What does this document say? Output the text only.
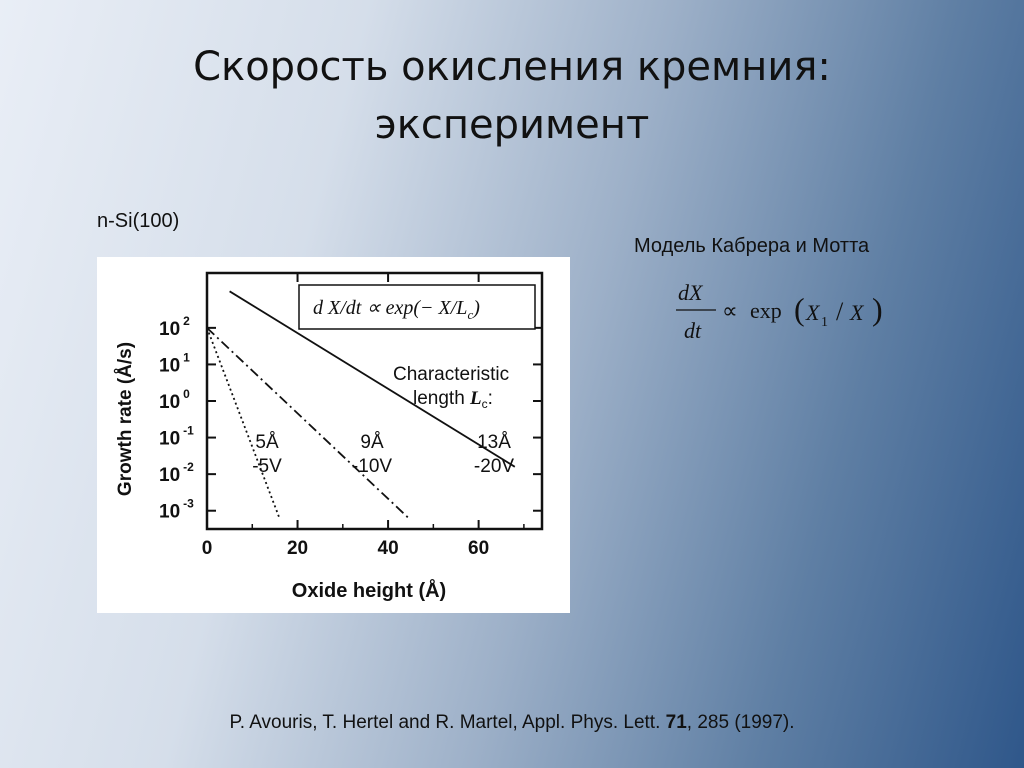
Скорость окисления кремния:
эксперимент
n-Si(100)
Модель Кабрера и Мотта
dX
dt
∝ exp ( X 1 / X )
5Å
-5V
9Å
-10V
13Å
-20V
0	20	40	60
10 $^2$
10 $^1$
10 $^0$
10 $^{-1}$
10 $^{-2}$
10 $^{-3}$
d $X/dt \propto \exp(- X/L_c)$
Characteristic
length $L_c$:
Oxide height (Å)
Growth rate (Å/s)
P. Avouris, T. Hertel and R. Martel, Appl. Phys. Lett. 71, 285 (1997).
